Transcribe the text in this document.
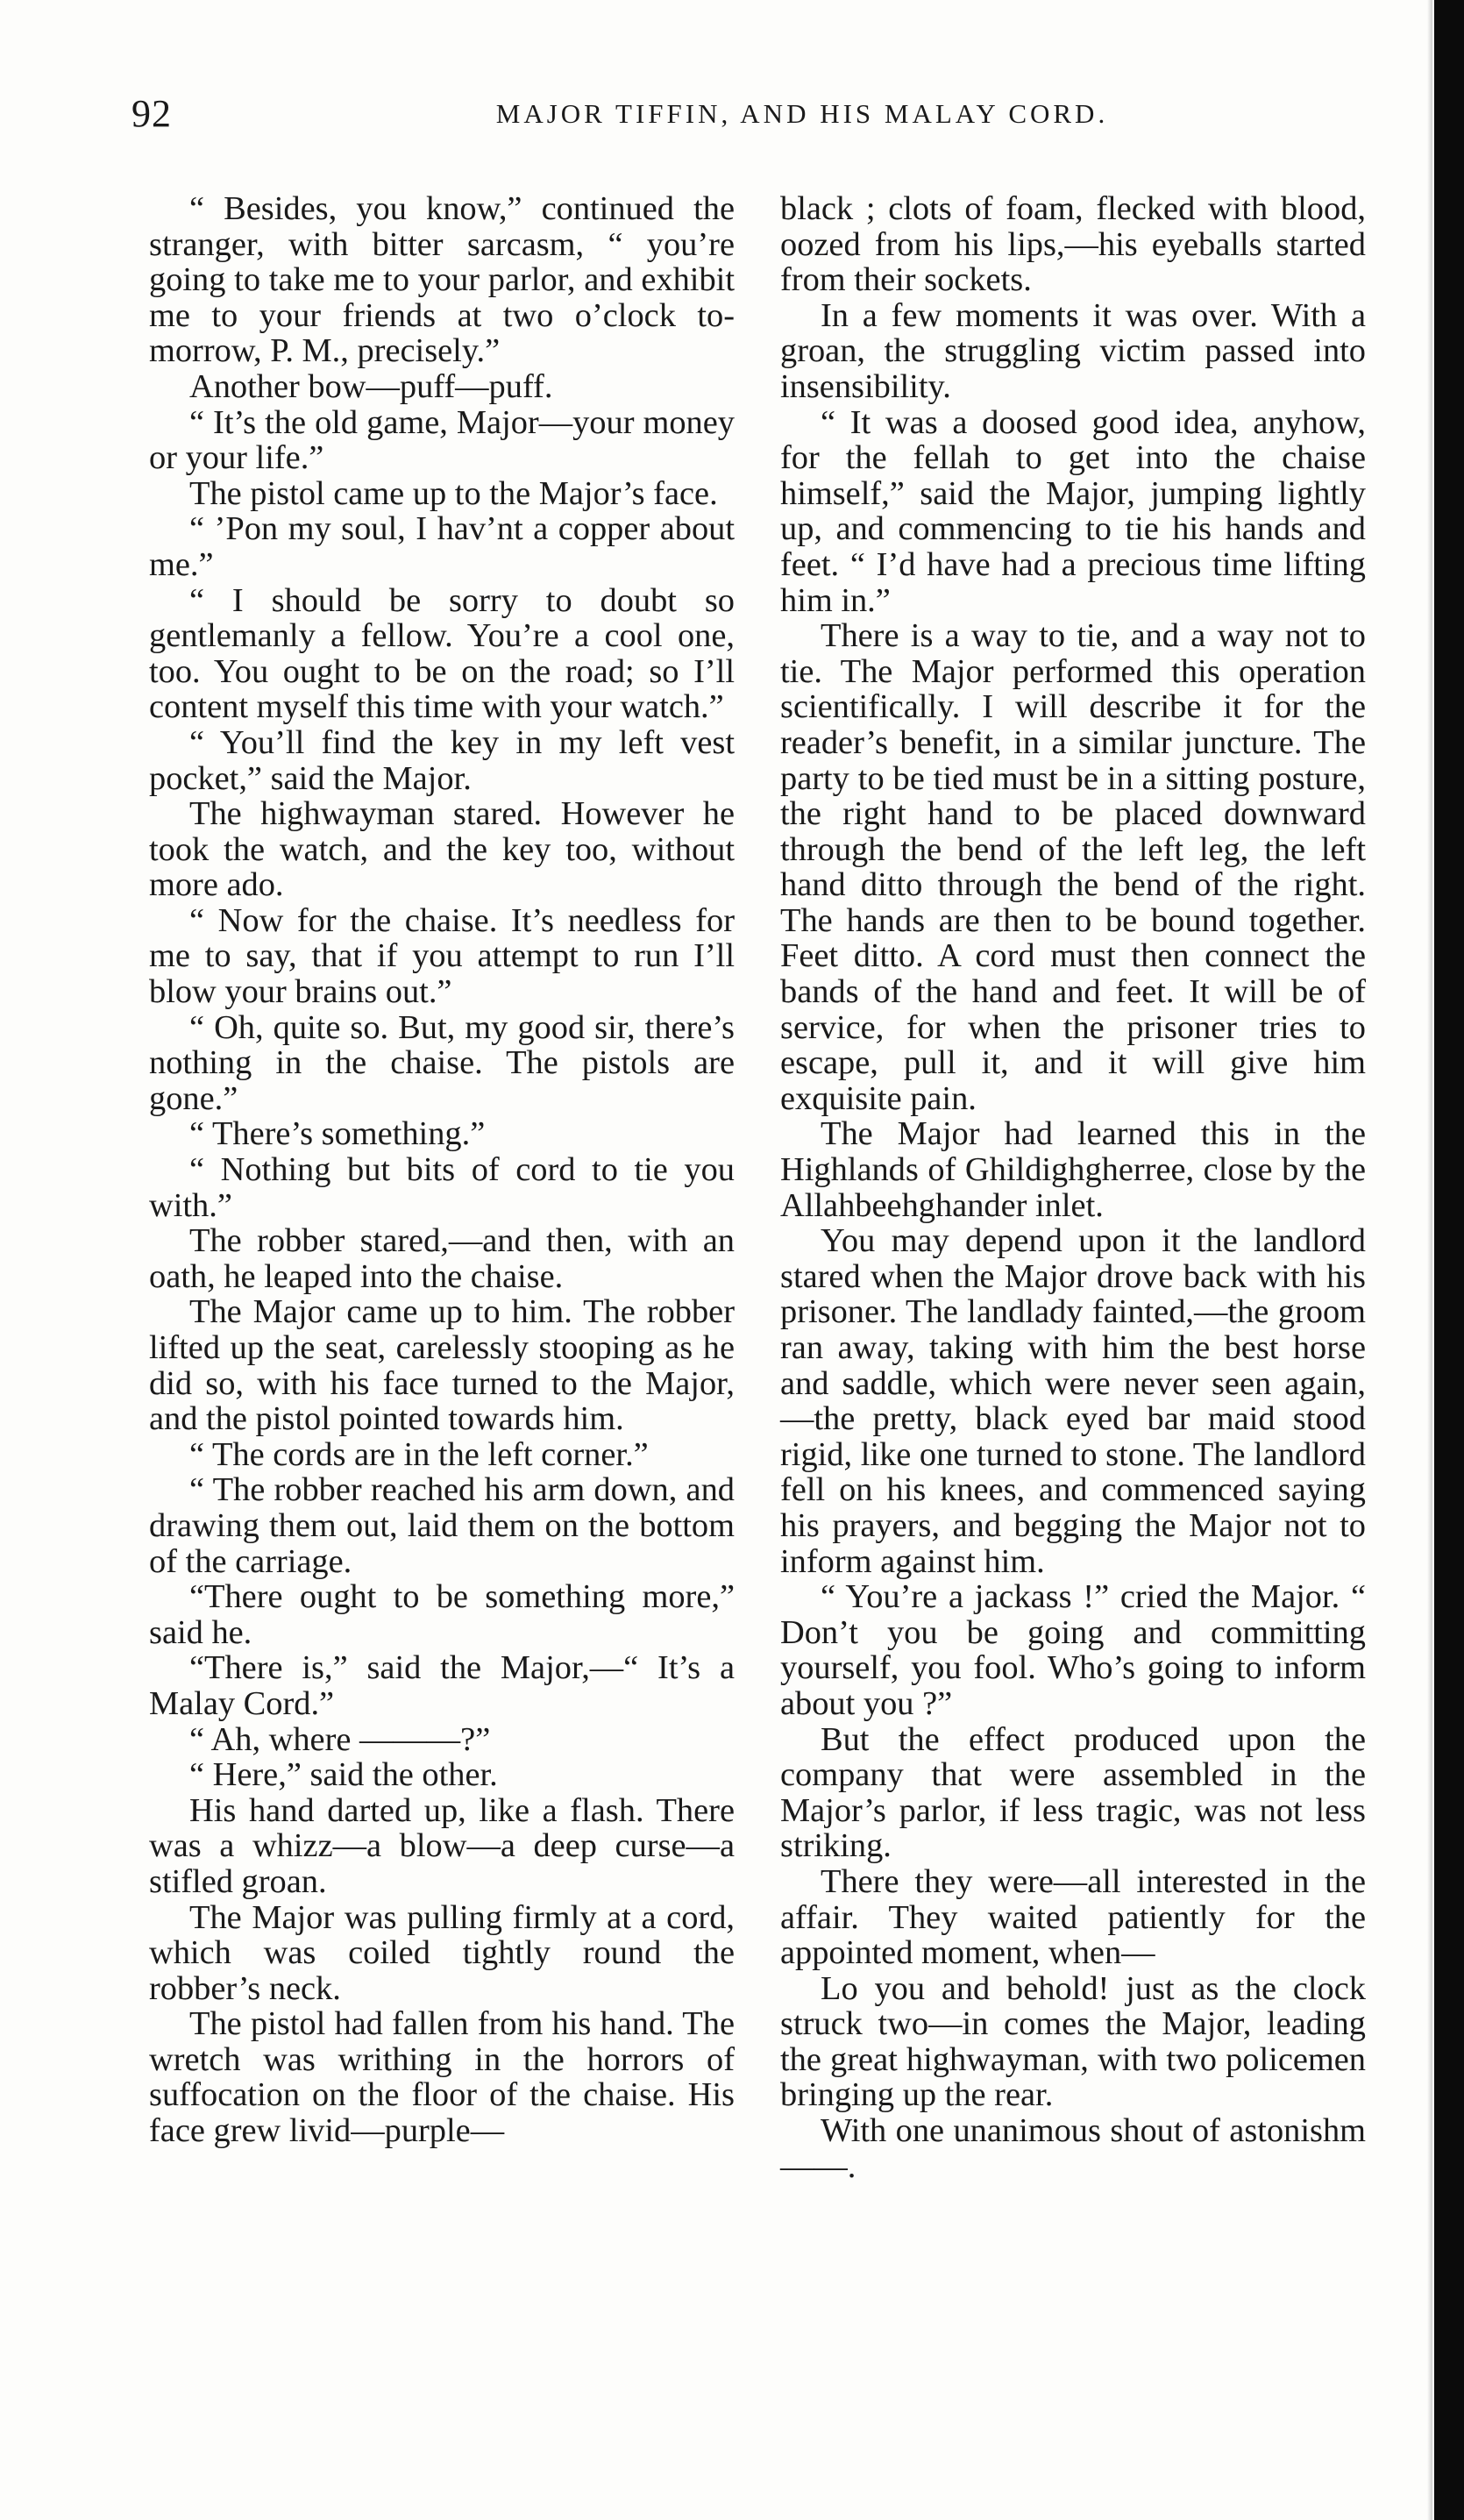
92	MAJOR TIFFIN, AND HIS MALAY CORD.

“ Besides, you know,” continued the stranger, with bitter sarcasm, “ you’re going to take me to your parlor, and exhibit me to your friends at two o’clock to-morrow, P. M., precisely.”

Another bow—puff—puff.

“ It’s the old game, Major—your money or your life.”

The pistol came up to the Major’s face.

“ ’Pon my soul, I hav’nt a copper about me.”

“ I should be sorry to doubt so gentlemanly a fellow. You’re a cool one, too. You ought to be on the road; so I’ll content myself this time with your watch.”

“ You’ll find the key in my left vest pocket,” said the Major.

The highwayman stared. However he took the watch, and the key too, without more ado.

“ Now for the chaise. It’s needless for me to say, that if you attempt to run I’ll blow your brains out.”

“ Oh, quite so. But, my good sir, there’s nothing in the chaise. The pistols are gone.”

“ There’s something.”

“ Nothing but bits of cord to tie you with.”

The robber stared,—and then, with an oath, he leaped into the chaise.

The Major came up to him. The robber lifted up the seat, carelessly stooping as he did so, with his face turned to the Major, and the pistol pointed towards him.

“ The cords are in the left corner.”

“ The robber reached his arm down, and drawing them out, laid them on the bottom of the carriage.

“There ought to be something more,” said he.

“There is,” said the Major,—“ It’s a Malay Cord.”

“ Ah, where ———?”

“ Here,” said the other.

His hand darted up, like a flash. There was a whizz—a blow—a deep curse—a stifled groan.

The Major was pulling firmly at a cord, which was coiled tightly round the robber’s neck.

The pistol had fallen from his hand. The wretch was writhing in the horrors of suffocation on the floor of the chaise. His face grew livid—purple—

black ; clots of foam, flecked with blood, oozed from his lips,—his eyeballs started from their sockets.

In a few moments it was over. With a groan, the struggling victim passed into insensibility.

“ It was a doosed good idea, anyhow, for the fellah to get into the chaise himself,” said the Major, jumping lightly up, and commencing to tie his hands and feet. “ I’d have had a precious time lifting him in.”

There is a way to tie, and a way not to tie. The Major performed this operation scientifically. I will describe it for the reader’s benefit, in a similar juncture. The party to be tied must be in a sitting posture, the right hand to be placed downward through the bend of the left leg, the left hand ditto through the bend of the right. The hands are then to be bound together. Feet ditto. A cord must then connect the bands of the hand and feet. It will be of service, for when the prisoner tries to escape, pull it, and it will give him exquisite pain.

The Major had learned this in the Highlands of Ghildighgherree, close by the Allahbeehghander inlet.

You may depend upon it the landlord stared when the Major drove back with his prisoner. The landlady fainted,—the groom ran away, taking with him the best horse and saddle, which were never seen again,—the pretty, black eyed bar maid stood rigid, like one turned to stone. The landlord fell on his knees, and commenced saying his prayers, and begging the Major not to inform against him.

“ You’re a jackass !” cried the Major. “ Don’t you be going and committing yourself, you fool. Who’s going to inform about you ?”

But the effect produced upon the company that were assembled in the Major’s parlor, if less tragic, was not less striking.

There they were—all interested in the affair. They waited patiently for the appointed moment, when—

Lo you and behold! just as the clock struck two—in comes the Major, leading the great highwayman, with two policemen bringing up the rear.

With one unanimous shout of astonishm——.
